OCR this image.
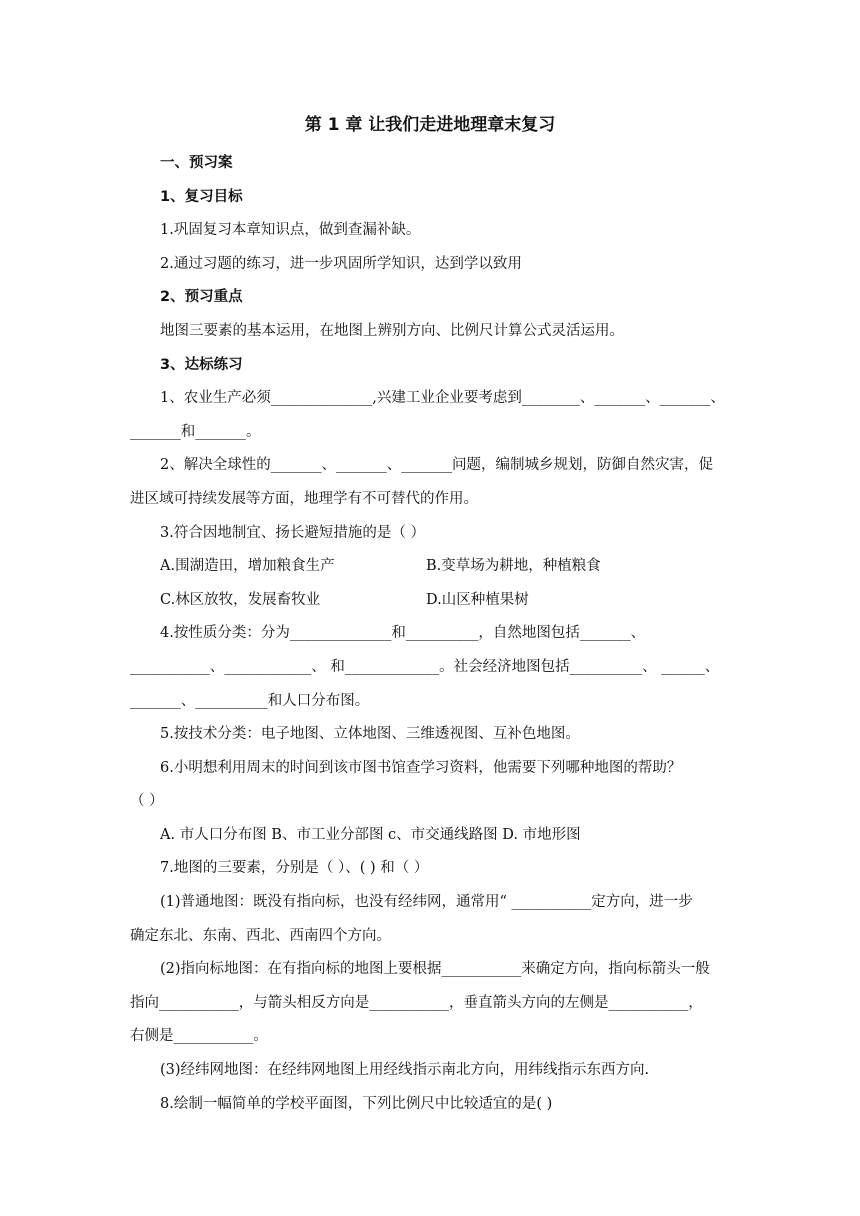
第 1 章 让我们走进地理章末复习
一、预习案
1、复习目标
1.巩固复习本章知识点，做到查漏补缺。
2.通过习题的练习，进一步巩固所学知识，达到学以致用
2、预习重点
地图三要素的基本运用，在地图上辨别方向、比例尺计算公式灵活运用。
3、达标练习
1、农业生产必须______________,兴建工业企业要考虑到________、_______、_______、
_______和_______。
2、解决全球性的_______、_______、_______问题，编制城乡规划，防御自然灾害，促
进区域可持续发展等方面，地理学有不可替代的作用。
3.符合因地制宜、扬长避短措施的是（ ）
A.围湖造田，增加粮食生产	B.变草场为耕地，种植粮食
C.林区放牧，发展畜牧业	D.山区种植果树
4.按性质分类：分为______________和__________，自然地图包括_______、
___________、____________、 和_____________。社会经济地图包括__________、 ______、
_______、__________和人口分布图。
5.按技术分类：电子地图、立体地图、三维透视图、互补色地图。
6.小明想利用周末的时间到该市图书馆查学习资料，他需要下列哪种地图的帮助？
（ ）
A. 市人口分布图 B、市工业分部图 c、市交通线路图 D. 市地形图
7.地图的三要素，分别是（ ）、( ) 和（ ）
(1)普通地图：既没有指向标，也没有经纬网，通常用“ ___________定方向，进一步
确定东北、东南、西北、西南四个方向。
(2)指向标地图：在有指向标的地图上要根据___________来确定方向，指向标箭头一般
指向___________，与箭头相反方向是___________，垂直箭头方向的左侧是___________，
右侧是___________。
(3)经纬网地图：在经纬网地图上用经线指示南北方向，用纬线指示东西方向.
8.绘制一幅简单的学校平面图，下列比例尺中比较适宜的是( )
